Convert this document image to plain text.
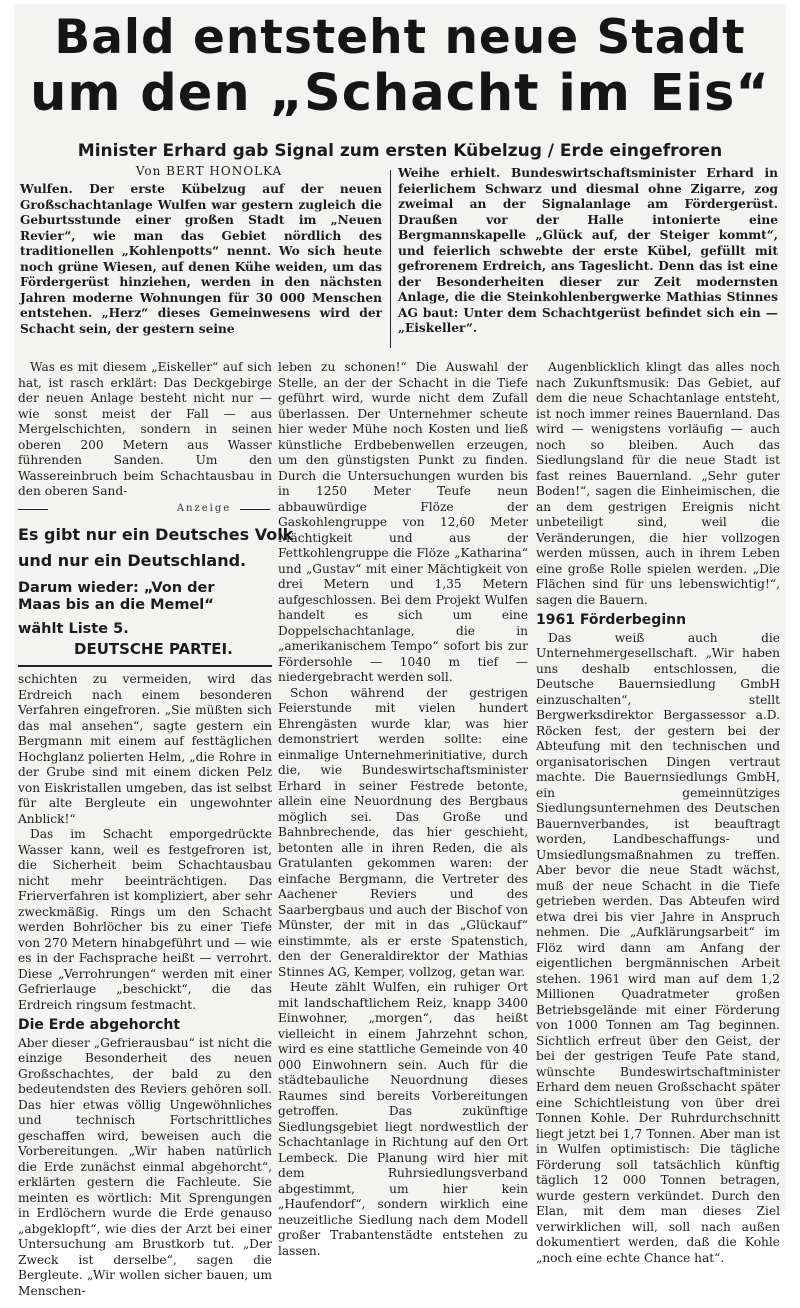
Bald entsteht neue Stadt
um den „Schacht im Eis“
Minister Erhard gab Signal zum ersten Kübelzug / Erde eingefroren
Von BERT HONOLKA

Wulfen. Der erste Kübelzug auf der neuen Großschachtanlage Wulfen war gestern zugleich die Geburtsstunde einer großen Stadt im „Neuen Revier“, wie man das Gebiet nördlich des traditionellen „Kohlenpotts“ nennt. Wo sich heute noch grüne Wiesen, auf denen Kühe weiden, um das Fördergerüst hinziehen, werden in den nächsten Jahren moderne Wohnungen für 30 000 Menschen entstehen. „Herz“ dieses Gemeinwesens wird der Schacht sein, der gestern seine

Weihe erhielt. Bundeswirtschaftsminister Erhard in feierlichem Schwarz und diesmal ohne Zigarre, zog zweimal an der Signalanlage am Fördergerüst. Draußen vor der Halle intonierte eine Bergmannskapelle „Glück auf, der Steiger kommt“, und feierlich schwebte der erste Kübel, gefüllt mit gefrorenem Erdreich, ans Tageslicht. Denn das ist eine der Besonderheiten dieser zur Zeit modernsten Anlage, die die Steinkohlenbergwerke Mathias Stinnes AG baut: Unter dem Schachtgerüst befindet sich ein — „Eiskeller“.

Was es mit diesem „Eiskeller“ auf sich hat, ist rasch erklärt: Das Deckgebirge der neuen Anlage besteht nicht nur — wie sonst meist der Fall — aus Mergelschichten, sondern in seinen oberen 200 Metern aus Wasser führenden Sanden. Um den Wassereinbruch beim Schachtausbau in den oberen Sand-

Anzeige
Es gibt nur ein Deutsches Volk
und nur ein Deutschland.
Darum wieder: „Von der Maas bis an die Memel“
wählt Liste 5.
DEUTSCHE PARTEI.

schichten zu vermeiden, wird das Erdreich nach einem besonderen Verfahren eingefroren. „Sie müßten sich das mal ansehen“, sagte gestern ein Bergmann mit einem auf festtäglichen Hochglanz polierten Helm, „die Rohre in der Grube sind mit einem dicken Pelz von Eiskristallen umgeben, das ist selbst für alte Bergleute ein ungewohnter Anblick!“

Das im Schacht emporgedrückte Wasser kann, weil es festgefroren ist, die Sicherheit beim Schachtausbau nicht mehr beeinträchtigen. Das Frierverfahren ist kompliziert, aber sehr zweckmäßig. Rings um den Schacht werden Bohrlöcher bis zu einer Tiefe von 270 Metern hinabgeführt und — wie es in der Fachsprache heißt — verrohrt. Diese „Verrohrungen“ werden mit einer Gefrierlauge „beschickt“, die das Erdreich ringsum festmacht.

Die Erde abgehorcht

Aber dieser „Gefrierausbau“ ist nicht die einzige Besonderheit des neuen Großschachtes, der bald zu den bedeutendsten des Reviers gehören soll. Das hier etwas völlig Ungewöhnliches und technisch Fortschrittliches geschaffen wird, beweisen auch die Vorbereitungen. „Wir haben natürlich die Erde zunächst einmal abgehorcht“, erklärten gestern die Fachleute. Sie meinten es wörtlich: Mit Sprengungen in Erdlöchern wurde die Erde genauso „abgeklopft“, wie dies der Arzt bei einer Untersuchung am Brustkorb tut. „Der Zweck ist derselbe“, sagen die Bergleute. „Wir wollen sicher bauen, um Menschen-

leben zu schonen!“ Die Auswahl der Stelle, an der der Schacht in die Tiefe geführt wird, wurde nicht dem Zufall überlassen. Der Unternehmer scheute hier weder Mühe noch Kosten und ließ künstliche Erdbebenwellen erzeugen, um den günstigsten Punkt zu finden. Durch die Untersuchungen wurden bis in 1250 Meter Teufe neun abbauwürdige Flöze der Gaskohlengruppe von 12,60 Meter Mächtigkeit und aus der Fettkohlengruppe die Flöze „Katharina“ und „Gustav“ mit einer Mächtigkeit von drei Metern und 1,35 Metern aufgeschlossen. Bei dem Projekt Wulfen handelt es sich um eine Doppelschachtanlage, die in „amerikanischem Tempo“ sofort bis zur Fördersohle — 1040 m tief — niedergebracht werden soll.

Schon während der gestrigen Feierstunde mit vielen hundert Ehrengästen wurde klar, was hier demonstriert werden sollte: eine einmalige Unternehmerinitiative, durch die, wie Bundeswirtschaftsminister Erhard in seiner Festrede betonte, allein eine Neuordnung des Bergbaus möglich sei. Das Große und Bahnbrechende, das hier geschieht, betonten alle in ihren Reden, die als Gratulanten gekommen waren: der einfache Bergmann, die Vertreter des Aachener Reviers und des Saarbergbaus und auch der Bischof von Münster, der mit in das „Glückauf“ einstimmte, als er erste Spatenstich, den der Generaldirektor der Mathias Stinnes AG, Kemper, vollzog, getan war.

Heute zählt Wulfen, ein ruhiger Ort mit landschaftlichem Reiz, knapp 3400 Einwohner, „morgen“, das heißt vielleicht in einem Jahrzehnt schon, wird es eine stattliche Gemeinde von 40 000 Einwohnern sein. Auch für die städtebauliche Neuordnung dieses Raumes sind bereits Vorbereitungen getroffen. Das zukünftige Siedlungsgebiet liegt nordwestlich der Schachtanlage in Richtung auf den Ort Lembeck. Die Planung wird hier mit dem Ruhrsiedlungsverband abgestimmt, um hier kein „Haufendorf“, sondern wirklich eine neuzeitliche Siedlung nach dem Modell großer Trabantenstädte entstehen zu lassen.

Augenblicklich klingt das alles noch nach Zukunftsmusik: Das Gebiet, auf dem die neue Schachtanlage entsteht, ist noch immer reines Bauernland. Das wird — wenigstens vorläufig — auch noch so bleiben. Auch das Siedlungsland für die neue Stadt ist fast reines Bauernland. „Sehr guter Boden!“, sagen die Einheimischen, die an dem gestrigen Ereignis nicht unbeteiligt sind, weil die Veränderungen, die hier vollzogen werden müssen, auch in ihrem Leben eine große Rolle spielen werden. „Die Flächen sind für uns lebenswichtig!“, sagen die Bauern.

1961 Förderbeginn

Das weiß auch die Unternehmergesellschaft. „Wir haben uns deshalb entschlossen, die Deutsche Bauernsiedlung GmbH einzuschalten“, stellt Bergwerksdirektor Bergassessor a.D. Röcken fest, der gestern bei der Abteufung mit den technischen und organisatorischen Dingen vertraut machte. Die Bauernsiedlungs GmbH, ein gemeinnütziges Siedlungsunternehmen des Deutschen Bauernverbandes, ist beauftragt worden, Landbeschaffungs- und Umsiedlungsmaßnahmen zu treffen. Aber bevor die neue Stadt wächst, muß der neue Schacht in die Tiefe getrieben werden. Das Abteufen wird etwa drei bis vier Jahre in Anspruch nehmen. Die „Aufklärungsarbeit“ im Flöz wird dann am Anfang der eigentlichen bergmännischen Arbeit stehen. 1961 wird man auf dem 1,2 Millionen Quadratmeter großen Betriebsgelände mit einer Förderung von 1000 Tonnen am Tag beginnen. Sichtlich erfreut über den Geist, der bei der gestrigen Teufe Pate stand, wünschte Bundeswirtschaftminister Erhard dem neuen Großschacht später eine Schichtleistung von über drei Tonnen Kohle. Der Ruhrdurchschnitt liegt jetzt bei 1,7 Tonnen. Aber man ist in Wulfen optimistisch: Die tägliche Förderung soll tatsächlich künftig täglich 12 000 Tonnen betragen, wurde gestern verkündet. Durch den Elan, mit dem man dieses Ziel verwirklichen will, soll nach außen dokumentiert werden, daß die Kohle „noch eine echte Chance hat“.
